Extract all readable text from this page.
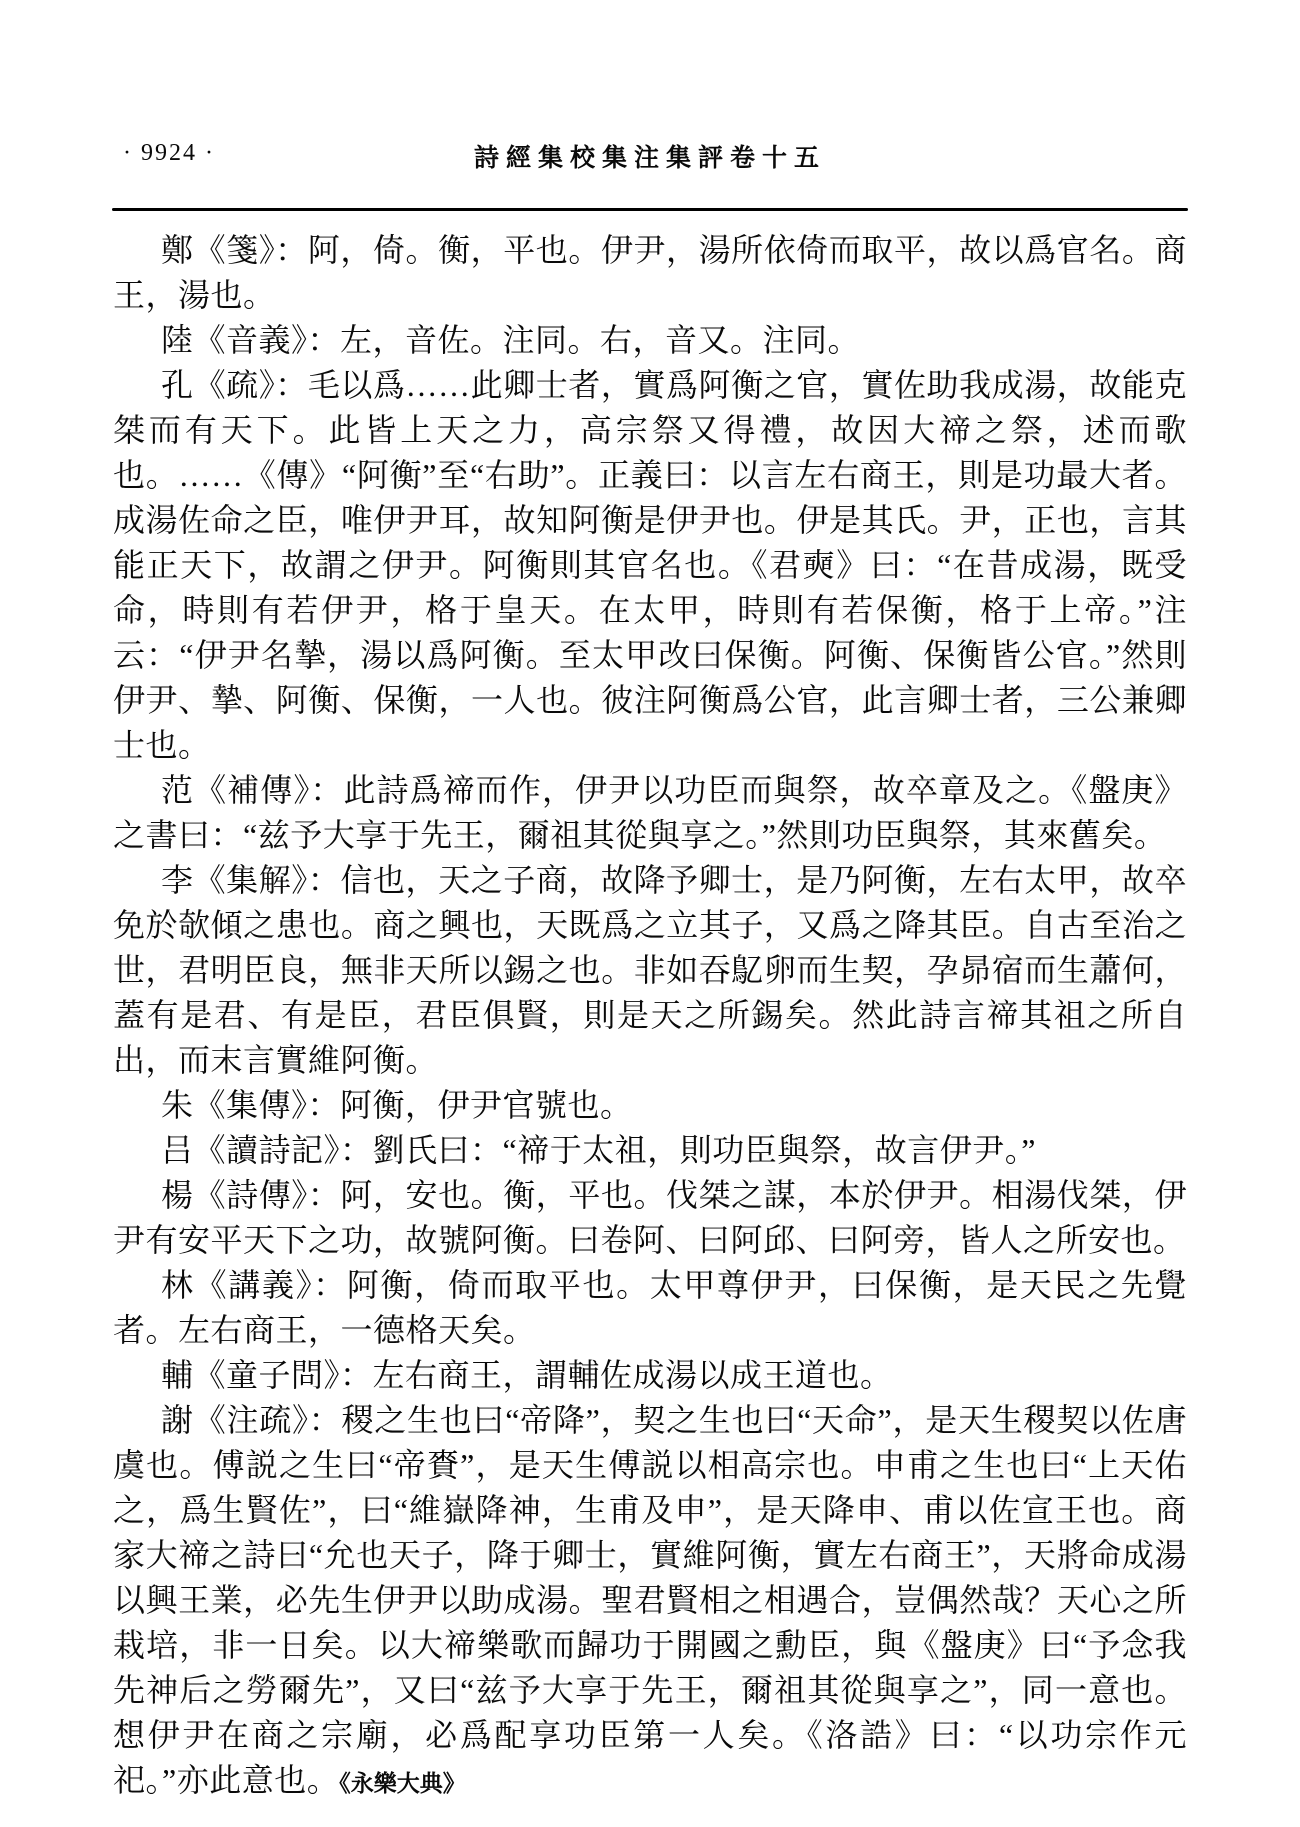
· 9924 ·	詩經集校集注集評卷十五

鄭《箋》：阿，倚。衡，平也。伊尹，湯所依倚而取平，故以爲官名。商王，湯也。

陸《音義》：左，音佐。注同。右，音又。注同。

孔《疏》：毛以爲……此卿士者，實爲阿衡之官，實佐助我成湯，故能克桀而有天下。此皆上天之力，高宗祭又得禮，故因大禘之祭，述而歌也。……《傳》“阿衡”至“右助”。正義曰：以言左右商王，則是功最大者。成湯佐命之臣，唯伊尹耳，故知阿衡是伊尹也。伊是其氏。尹，正也，言其能正天下，故謂之伊尹。阿衡則其官名也。《君奭》曰：“在昔成湯，既受命，時則有若伊尹，格于皇天。在太甲，時則有若保衡，格于上帝。”注云：“伊尹名摯，湯以爲阿衡。至太甲改曰保衡。阿衡、保衡皆公官。”然則伊尹、摯、阿衡、保衡，一人也。彼注阿衡爲公官，此言卿士者，三公兼卿士也。

范《補傳》：此詩爲禘而作，伊尹以功臣而與祭，故卒章及之。《盤庚》之書曰：“兹予大享于先王，爾祖其從與享之。”然則功臣與祭，其來舊矣。

李《集解》：信也，天之子商，故降予卿士，是乃阿衡，左右太甲，故卒免於欹傾之患也。商之興也，天既爲之立其子，又爲之降其臣。自古至治之世，君明臣良，無非天所以錫之也。非如吞鳦卵而生契，孕昴宿而生蕭何，蓋有是君、有是臣，君臣俱賢，則是天之所錫矣。然此詩言禘其祖之所自出，而末言實維阿衡。

朱《集傳》：阿衡，伊尹官號也。

吕《讀詩記》：劉氏曰：“禘于太祖，則功臣與祭，故言伊尹。”

楊《詩傳》：阿，安也。衡，平也。伐桀之謀，本於伊尹。相湯伐桀，伊尹有安平天下之功，故號阿衡。曰卷阿、曰阿邱、曰阿旁，皆人之所安也。

林《講義》：阿衡，倚而取平也。太甲尊伊尹，曰保衡，是天民之先覺者。左右商王，一德格天矣。

輔《童子問》：左右商王，謂輔佐成湯以成王道也。

謝《注疏》：稷之生也曰“帝降”，契之生也曰“天命”，是天生稷契以佐唐虞也。傅説之生曰“帝賚”，是天生傅説以相高宗也。申甫之生也曰“上天佑之，爲生賢佐”，曰“維嶽降神，生甫及申”，是天降申、甫以佐宣王也。商家大禘之詩曰“允也天子，降于卿士，實維阿衡，實左右商王”，天將命成湯以興王業，必先生伊尹以助成湯。聖君賢相之相遇合，豈偶然哉？天心之所栽培，非一日矣。以大禘樂歌而歸功于開國之勳臣，與《盤庚》曰“予念我先神后之勞爾先”，又曰“兹予大享于先王，爾祖其從與享之”，同一意也。想伊尹在商之宗廟，必爲配享功臣第一人矣。《洛誥》曰：“以功宗作元祀。”亦此意也。《永樂大典》
